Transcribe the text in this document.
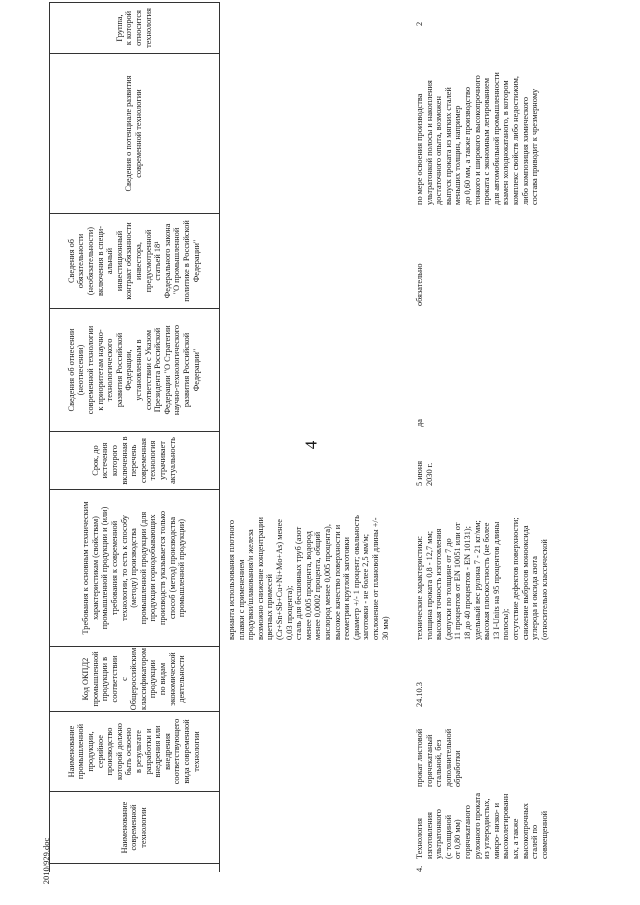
4
2010/929.doc
Наименование современной технологии
Наименование промышленной продукции, серийное производство которой должно быть освоено в результате разработки и внедрения или внедрения соответствующего вида современной технологии
Код ОКПД2 промышленной продукции в соответствии с Общероссийским классификатором продукции по видам экономической деятельности
Требования к основным техническим характеристикам (свойствам) промышленной продукции и (или) требования к современной технологии, то есть к способу (методу) производства промышленной продукции (для продукции горнодобывающих производств указывается только способ (метод) производства промышленной продукции)
Срок, до истечения которого включенная в перечень современная технология утрачивает актуальность
Сведения об отнесении (неотнесении) современной технологии к приоритетам научно- технологического развития Российской Федерации, установленным в соответствии с Указом Президента Российской Федерации "О Стратегии научно-технологического развития Российской Федерации"
Сведения об обязательности (необязательности) включения в специ- альный инвестиционный контракт обязанности инвестора, предусмотренной статьей 18¹ Федерального закона "О промышленной политике в Российской Федерации"
Сведения о потенциале развития современной технологии
Группа, к которой относится технология
варианта использования плотного плавки с применением продувки/шлакования/и железа возможно снижение концентрации цветных примесей (Cr+Sn+Sb+Cu+Ni+Mo+As) менее 0,03 процента); сталь для бесшовных труб (азот менее 0,005 процента, водород менее 0,0002 процента, общий кислород менее 0,005 процента), высокое качество поверхности и геометрии круглой заготовки (диаметр +/- 1 процент; овальность заготовки - не более 2,5 мм/м; отклонение от плановой длины +/- 30 мм)
4.
Технология изготовления ультратонкого (с толщиной от 0,80 мм) горячекатаного рулонного проката из углеродистых, микро- низко- и высоколегированн ых, а также высокопрочных сталей по совмещенной
прокат листовой горячекатаный стальной, без дополнительной обработки
24.10.3
технические характеристики: толщина проката 0,8 - 12,7 мм; высокая точность изготовления (допуски по толщине от 7 до 11 процентов от EN 10051 или от 18 до 40 процентов - EN 10131); удельный вес рулона 7 - 21 кг/мм; высокая плоскостность (не более 13 I-Units на 95 процентов длины полосы); отсутствие дефектов поверхности; снижение выбросов монооксида углерода и оксида азота (относительно классической
5 июня 2030 г.
да
обязательно
по мере освоения производства ультратонкой полосы и накопления достаточного опыта, возможен выпуск проката из мягких сталей меньших толщин, например до 0,60 мм, а также производство тонкого и широкого высокопрочного проката с экономным легированием для автомобильной промышленности взамен холоднокатаного, в котором комплекс свойств либо недостижим, либо композиция химического состава приводит к чрезмерному
2
